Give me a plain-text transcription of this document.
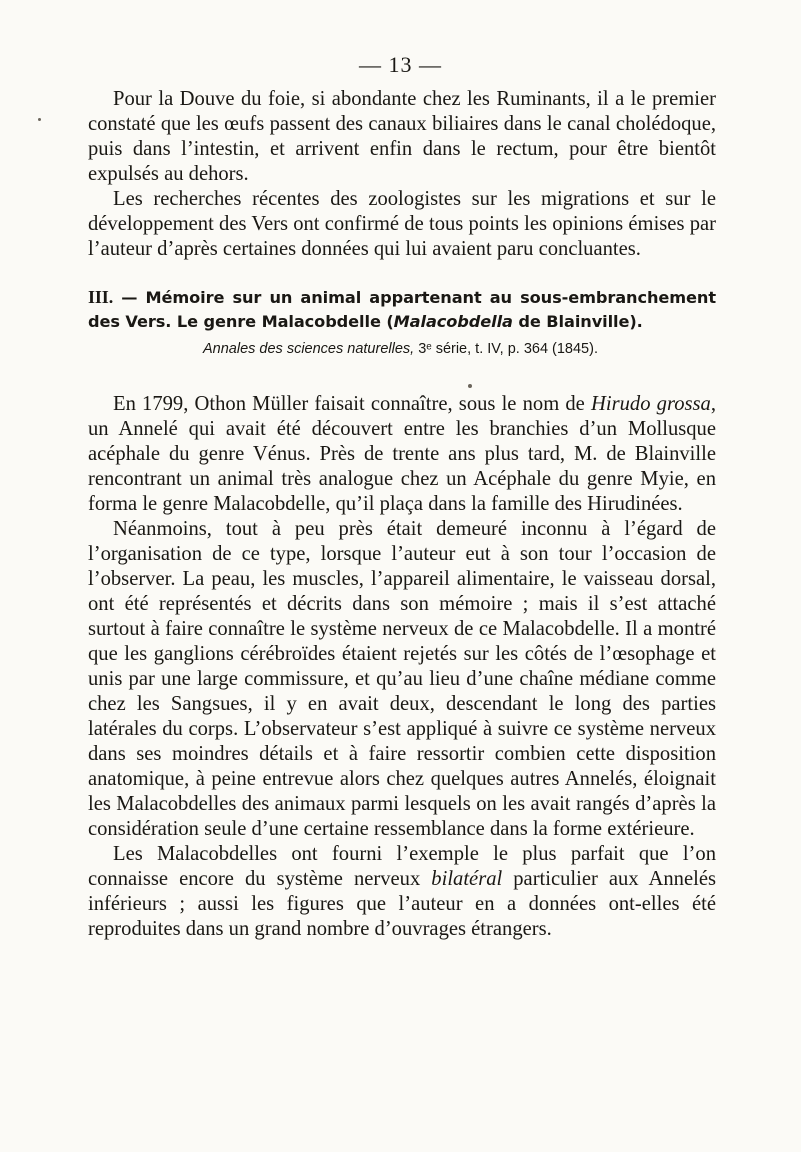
— 13 —

Pour la Douve du foie, si abondante chez les Ruminants, il a le premier constaté que les œufs passent des canaux biliaires dans le canal cholédoque, puis dans l’intestin, et arrivent enfin dans le rectum, pour être bientôt expulsés au dehors.

Les recherches récentes des zoologistes sur les migrations et sur le développement des Vers ont confirmé de tous points les opinions émises par l’auteur d’après certaines données qui lui avaient paru concluantes.

III. — Mémoire sur un animal appartenant au sous-embranchement des Vers. Le genre Malacobdelle (Malacobdella de Blainville).
Annales des sciences naturelles, 3ᵉ série, t. IV, p. 364 (1845).

En 1799, Othon Müller faisait connaître, sous le nom de Hirudo grossa, un Annelé qui avait été découvert entre les branchies d’un Mollusque acéphale du genre Vénus. Près de trente ans plus tard, M. de Blainville rencontrant un animal très analogue chez un Acéphale du genre Myie, en forma le genre Malacobdelle, qu’il plaça dans la famille des Hirudinées.

Néanmoins, tout à peu près était demeuré inconnu à l’égard de l’organisation de ce type, lorsque l’auteur eut à son tour l’occasion de l’observer. La peau, les muscles, l’appareil alimentaire, le vaisseau dorsal, ont été représentés et décrits dans son mémoire ; mais il s’est attaché surtout à faire connaître le système nerveux de ce Malacobdelle. Il a montré que les ganglions cérébroïdes étaient rejetés sur les côtés de l’œsophage et unis par une large commissure, et qu’au lieu d’une chaîne médiane comme chez les Sangsues, il y en avait deux, descendant le long des parties latérales du corps. L’observateur s’est appliqué à suivre ce système nerveux dans ses moindres détails et à faire ressortir combien cette disposition anatomique, à peine entrevue alors chez quelques autres Annelés, éloignait les Malacobdelles des animaux parmi lesquels on les avait rangés d’après la considération seule d’une certaine ressemblance dans la forme extérieure.

Les Malacobdelles ont fourni l’exemple le plus parfait que l’on connaisse encore du système nerveux bilatéral particulier aux Annelés inférieurs ; aussi les figures que l’auteur en a données ont-elles été reproduites dans un grand nombre d’ouvrages étrangers.
